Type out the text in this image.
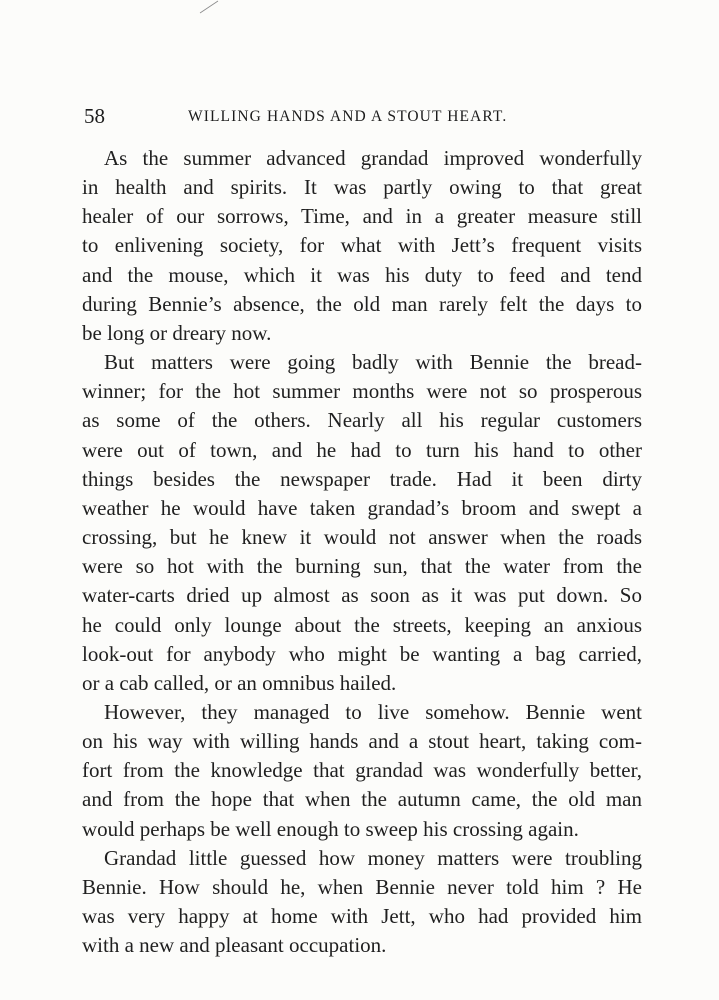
58	WILLING HANDS AND A STOUT HEART.

As the summer advanced grandad improved wonderfully
in health and spirits. It was partly owing to that great
healer of our sorrows, Time, and in a greater measure still
to enlivening society, for what with Jett’s frequent visits
and the mouse, which it was his duty to feed and tend
during Bennie’s absence, the old man rarely felt the days to
be long or dreary now.

But matters were going badly with Bennie the bread-
winner; for the hot summer months were not so prosperous
as some of the others. Nearly all his regular customers
were out of town, and he had to turn his hand to other
things besides the newspaper trade. Had it been dirty
weather he would have taken grandad’s broom and swept a
crossing, but he knew it would not answer when the roads
were so hot with the burning sun, that the water from the
water-carts dried up almost as soon as it was put down. So
he could only lounge about the streets, keeping an anxious
look-out for anybody who might be wanting a bag carried,
or a cab called, or an omnibus hailed.

However, they managed to live somehow. Bennie went
on his way with willing hands and a stout heart, taking com-
fort from the knowledge that grandad was wonderfully better,
and from the hope that when the autumn came, the old man
would perhaps be well enough to sweep his crossing again.

Grandad little guessed how money matters were troubling
Bennie. How should he, when Bennie never told him ? He
was very happy at home with Jett, who had provided him
with a new and pleasant occupation.
